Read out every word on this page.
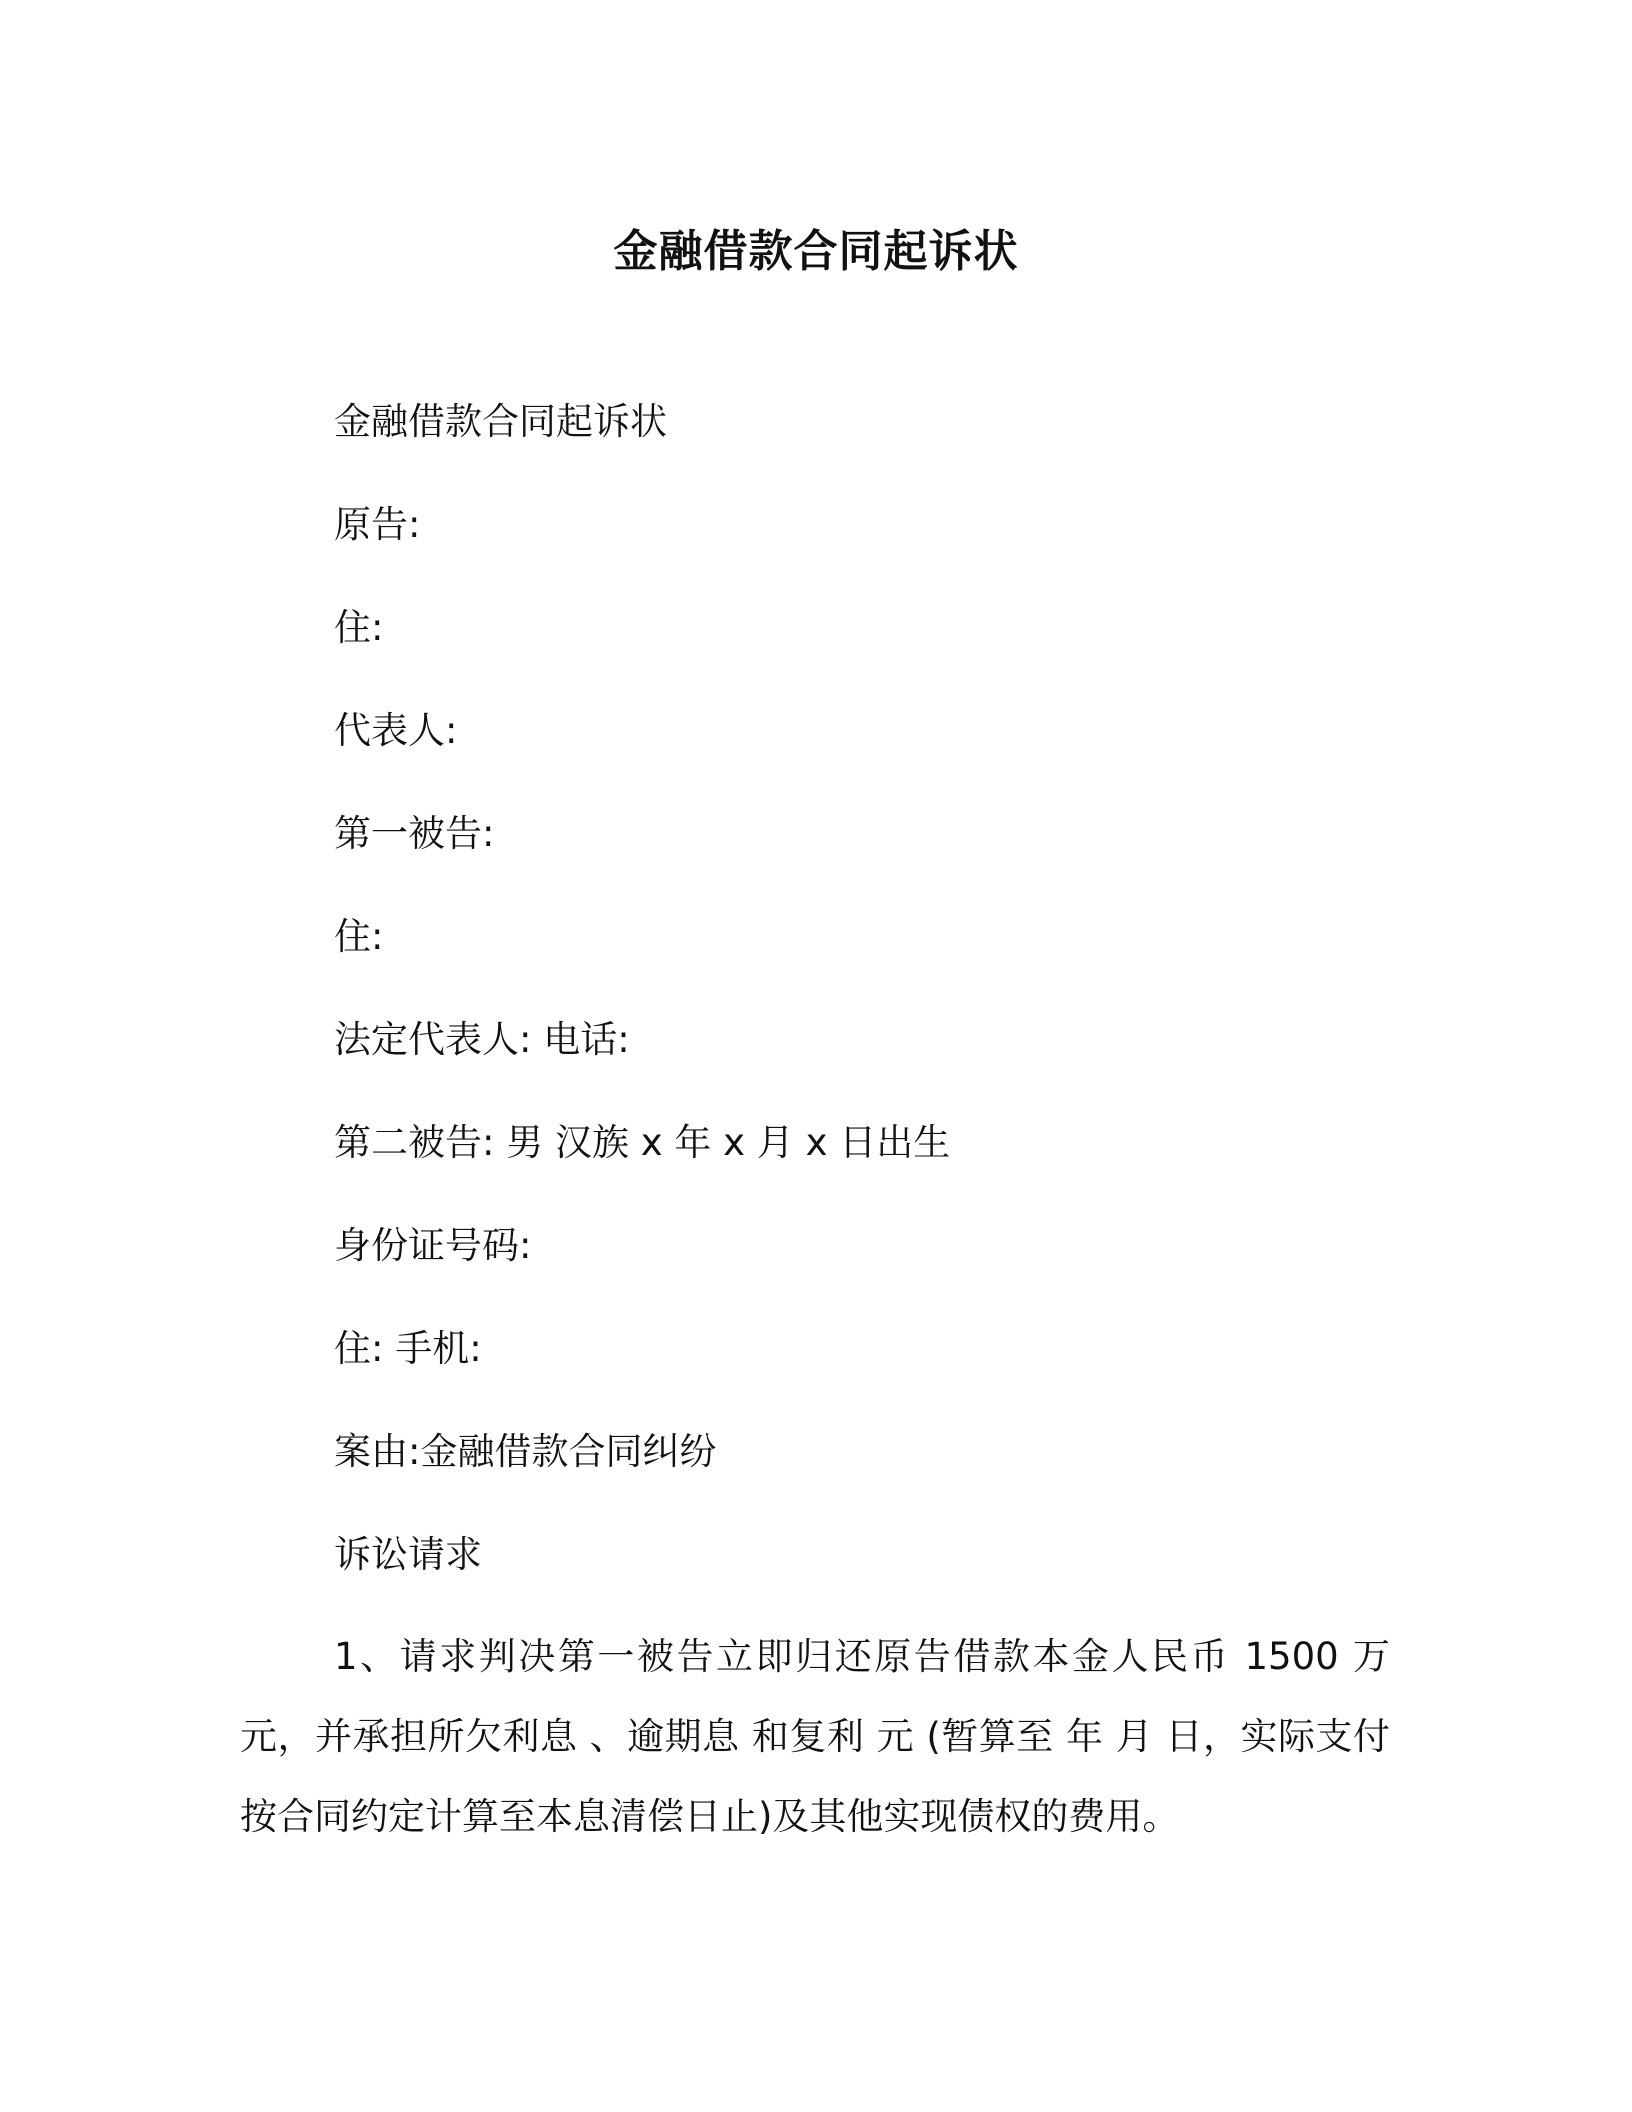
金融借款合同起诉状
金融借款合同起诉状
原告:
住:
代表人:
第一被告:
住:
法定代表人: 电话:
第二被告: 男 汉族 x 年 x 月 x 日出生
身份证号码:
住: 手机:
案由:金融借款合同纠纷
诉讼请求
1、请求判决第一被告立即归还原告借款本金人民币 1500 万元，并承担所欠利息 、逾期息 和复利 元 (暂算至 年 月 日，实际支付按合同约定计算至本息清偿日止)及其他实现债权的费用。
